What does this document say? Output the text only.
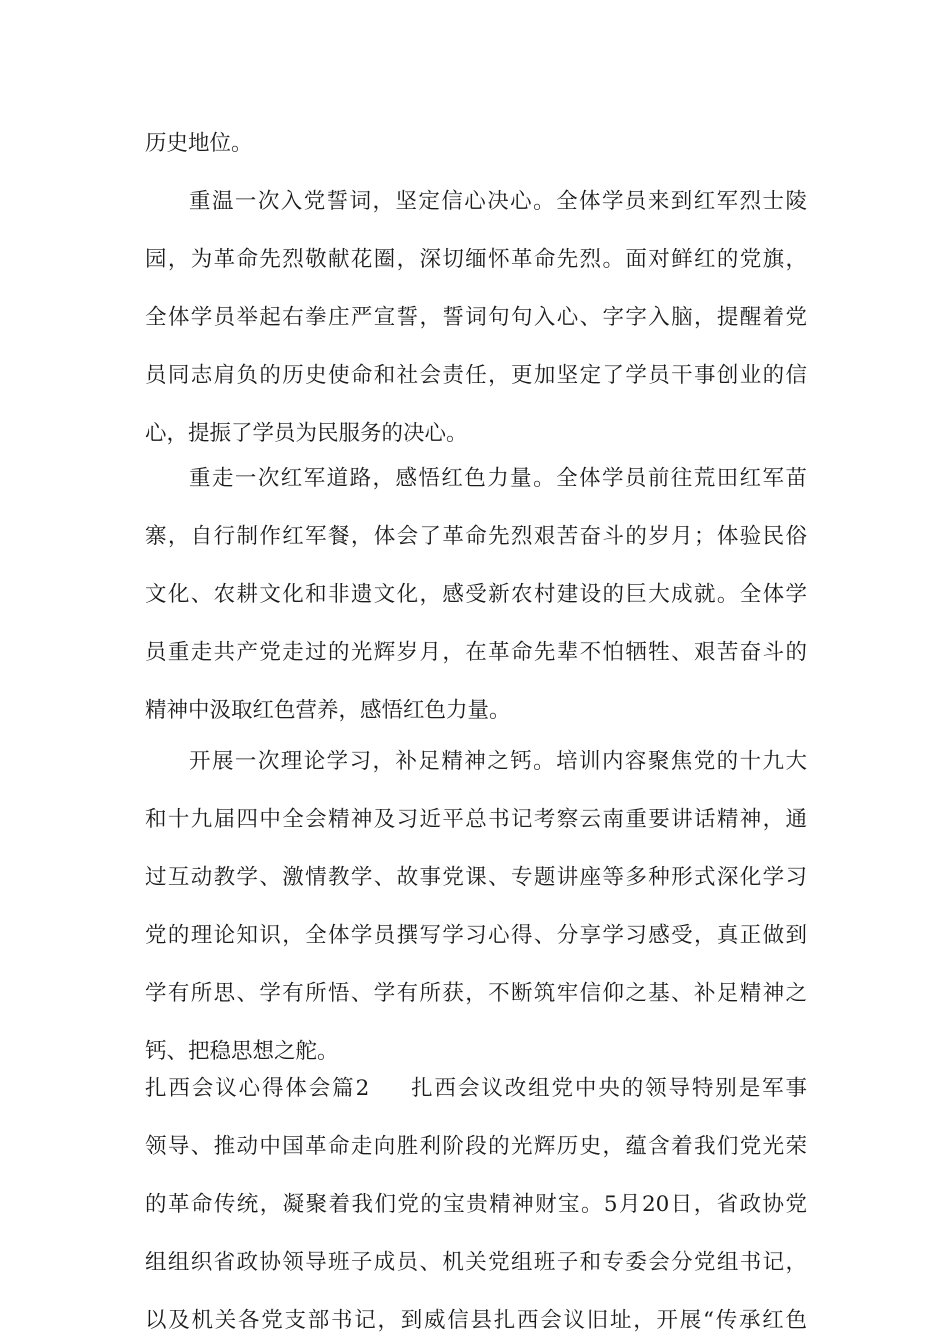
历史地位。
重温一次入党誓词，坚定信心决心。全体学员来到红军烈士陵
园，为革命先烈敬献花圈，深切缅怀革命先烈。面对鲜红的党旗，
全体学员举起右拳庄严宣誓，誓词句句入心、字字入脑，提醒着党
员同志肩负的历史使命和社会责任，更加坚定了学员干事创业的信
心，提振了学员为民服务的决心。
重走一次红军道路，感悟红色力量。全体学员前往荒田红军苗
寨，自行制作红军餐，体会了革命先烈艰苦奋斗的岁月；体验民俗
文化、农耕文化和非遗文化，感受新农村建设的巨大成就。全体学
员重走共产党走过的光辉岁月，在革命先辈不怕牺牲、艰苦奋斗的
精神中汲取红色营养，感悟红色力量。
开展一次理论学习，补足精神之钙。培训内容聚焦党的十九大
和十九届四中全会精神及习近平总书记考察云南重要讲话精神，通
过互动教学、激情教学、故事党课、专题讲座等多种形式深化学习
党的理论知识，全体学员撰写学习心得、分享学习感受，真正做到
学有所思、学有所悟、学有所获，不断筑牢信仰之基、补足精神之
钙、把稳思想之舵。
扎西会议心得体会篇2 扎西会议改组党中央的领导特别是军事
领导、推动中国革命走向胜利阶段的光辉历史，蕴含着我们党光荣
的革命传统，凝聚着我们党的宝贵精神财宝。5月20日，省政协党
组组织省政协领导班子成员、机关党组班子和专委会分党组书记，
以及机关各党支部书记，到威信县扎西会议旧址，开展“传承红色
